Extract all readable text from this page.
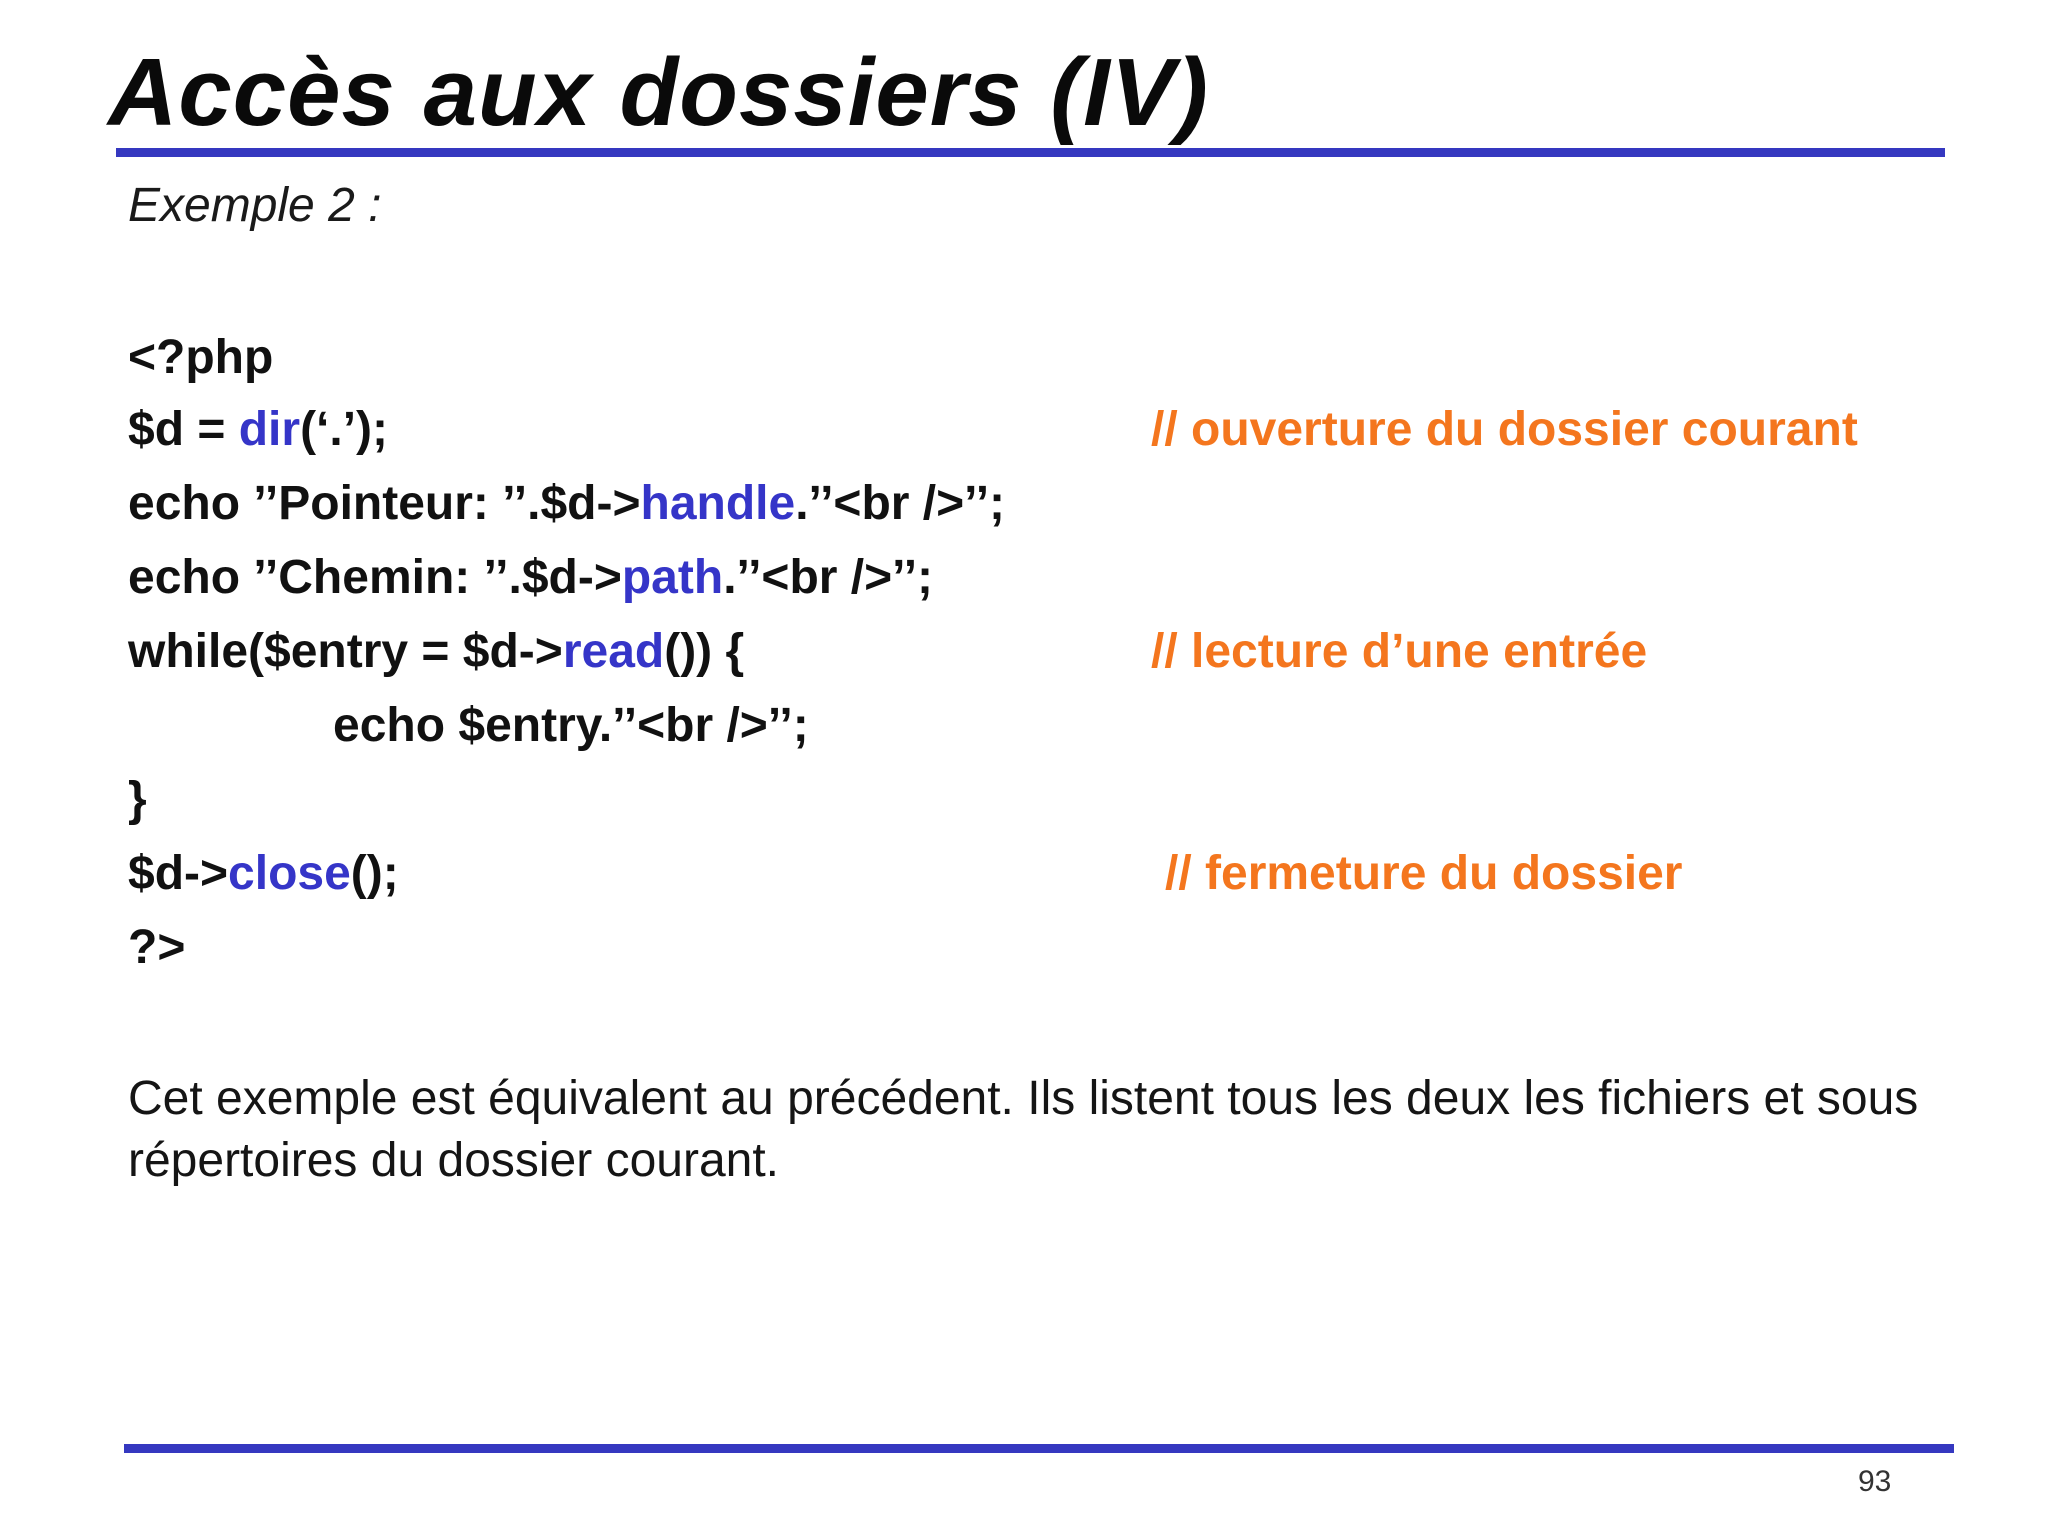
Accès aux dossiers (IV)
Exemple 2 :
<?php
$d = dir(‘.’);	// ouverture du dossier courant
echo ’’Pointeur: ’’.$d->handle.’’<br />’’;
echo ’’Chemin: ’’.$d->path.’’<br />’’;
while($entry = $d->read()) {	// lecture d’une entrée
echo $entry.’’<br />’’;
}
$d->close();	// fermeture du dossier
?>

Cet exemple est équivalent au précédent. Ils listent tous les deux les fichiers et sous répertoires du dossier courant.

93
